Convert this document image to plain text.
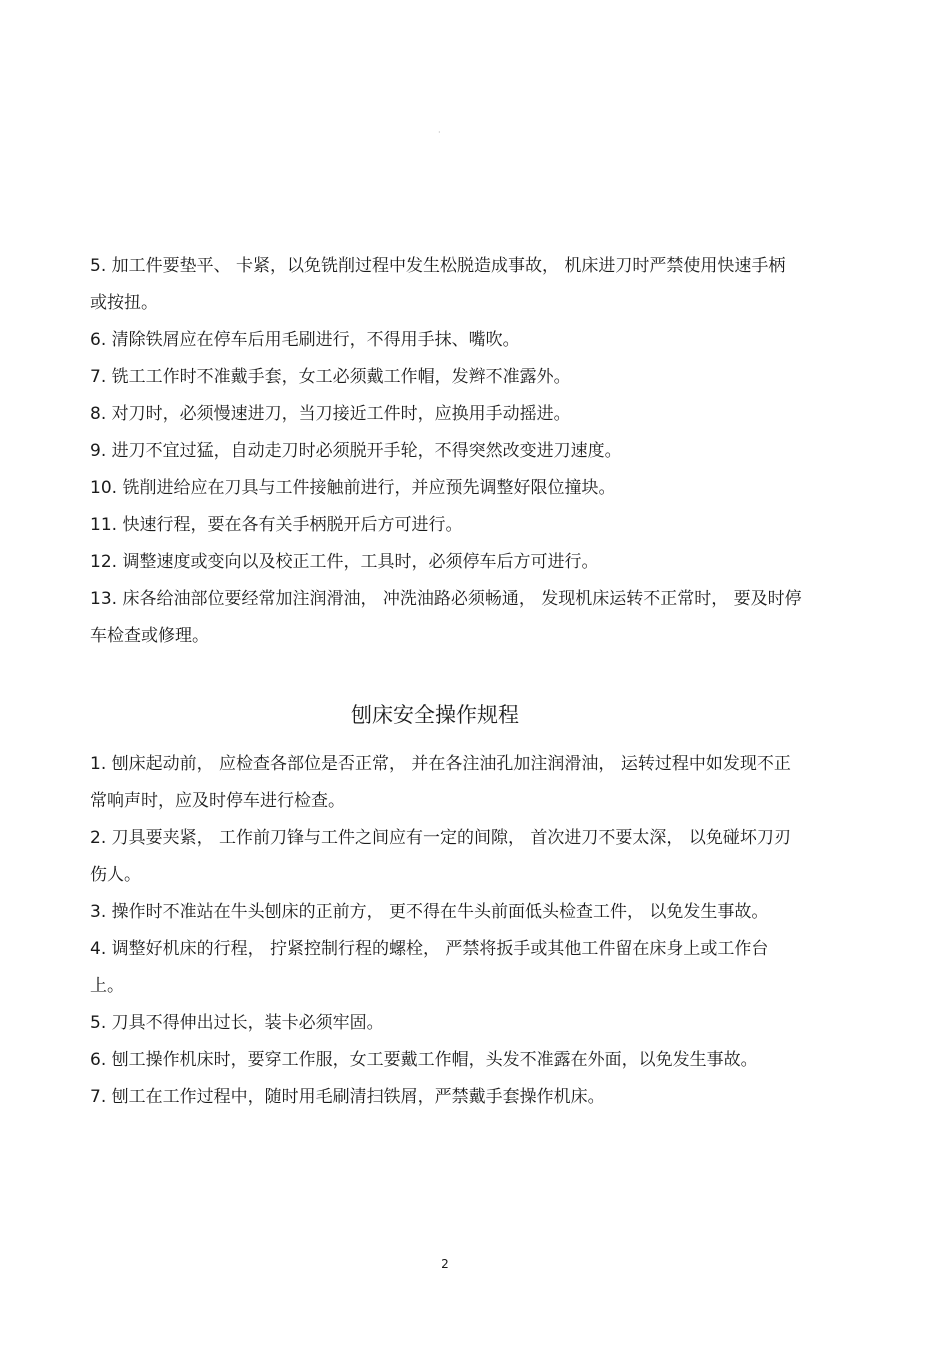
·

5. 加工件要垫平、 卡紧，以免铣削过程中发生松脱造成事故， 机床进刀时严禁使用快速手柄或按扭。

6. 清除铁屑应在停车后用毛刷进行，不得用手抹、嘴吹。

7. 铣工工作时不准戴手套，女工必须戴工作帽，发辫不准露外。

8. 对刀时，必须慢速进刀，当刀接近工件时，应换用手动摇进。

9. 进刀不宜过猛，自动走刀时必须脱开手轮，不得突然改变进刀速度。

10. 铣削进给应在刀具与工件接触前进行，并应预先调整好限位撞块。

11. 快速行程，要在各有关手柄脱开后方可进行。

12. 调整速度或变向以及校正工件，工具时，必须停车后方可进行。

13. 床各给油部位要经常加注润滑油， 冲洗油路必须畅通， 发现机床运转不正常时， 要及时停车检查或修理。

刨床安全操作规程

1. 刨床起动前， 应检查各部位是否正常， 并在各注油孔加注润滑油， 运转过程中如发现不正常响声时，应及时停车进行检查。

2. 刀具要夹紧， 工作前刀锋与工件之间应有一定的间隙， 首次进刀不要太深， 以免碰坏刀刃伤人。

3. 操作时不准站在牛头刨床的正前方， 更不得在牛头前面低头检查工件， 以免发生事故。

4. 调整好机床的行程， 拧紧控制行程的螺栓， 严禁将扳手或其他工件留在床身上或工作台上。

5. 刀具不得伸出过长，装卡必须牢固。

6. 刨工操作机床时，要穿工作服，女工要戴工作帽，头发不准露在外面，以免发生事故。

7. 刨工在工作过程中，随时用毛刷清扫铁屑，严禁戴手套操作机床。

2
